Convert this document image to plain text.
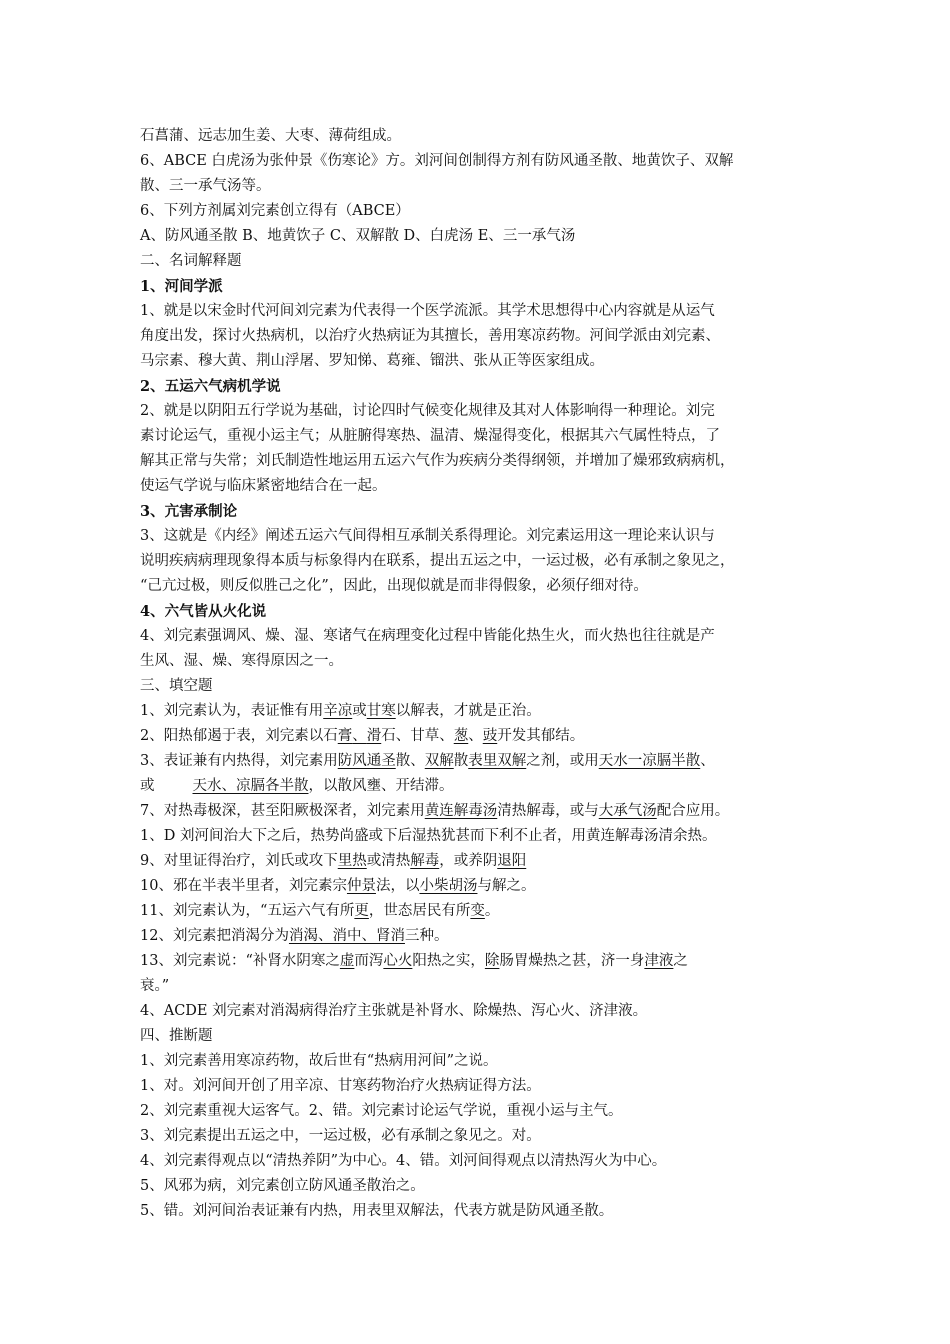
石菖蒲、远志加生姜、大枣、薄荷组成。
6、ABCE 白虎汤为张仲景《伤寒论》方。刘河间创制得方剂有防风通圣散、地黄饮子、双解
散、三一承气汤等。
6、下列方剂属刘完素创立得有（ABCE）
A、防风通圣散 B、地黄饮子 C、双解散 D、白虎汤 E、三一承气汤
二、名词解释题
1、河间学派
1、就是以宋金时代河间刘完素为代表得一个医学流派。其学术思想得中心内容就是从运气
角度出发，探讨火热病机，以治疗火热病证为其擅长，善用寒凉药物。河间学派由刘完素、
马宗素、穆大黄、荆山浮屠、罗知悌、葛雍、镏洪、张从正等医家组成。
2、五运六气病机学说
2、就是以阴阳五行学说为基础，讨论四时气候变化规律及其对人体影响得一种理论。刘完
素讨论运气，重视小运主气；从脏腑得寒热、温清、燥湿得变化，根据其六气属性特点，了
解其正常与失常；刘氏制造性地运用五运六气作为疾病分类得纲领，并增加了燥邪致病病机，
使运气学说与临床紧密地结合在一起。
3、亢害承制论
3、这就是《内经》阐述五运六气间得相互承制关系得理论。刘完素运用这一理论来认识与
说明疾病病理现象得本质与标象得内在联系，提出五运之中，一运过极，必有承制之象见之，
“己亢过极，则反似胜己之化”，因此，出现似就是而非得假象，必须仔细对待。
4、六气皆从火化说
4、刘完素强调风、燥、湿、寒诸气在病理变化过程中皆能化热生火，而火热也往往就是产
生风、湿、燥、寒得原因之一。
三、填空题
1、刘完素认为，表证惟有用辛凉或甘寒以解表，才就是正治。
2、阳热郁遏于表，刘完素以石膏、滑石、甘草、葱、豉开发其郁结。
3、表证兼有内热得，刘完素用防风通圣散、双解散表里双解之剂，或用天水一凉膈半散、
或	天水、凉膈各半散，以散风壅、开结滞。
7、对热毒极深，甚至阳厥极深者，刘完素用黄连解毒汤清热解毒，或与大承气汤配合应用。
1、D 刘河间治大下之后，热势尚盛或下后湿热犹甚而下利不止者，用黄连解毒汤清余热。
9、对里证得治疗，刘氏或攻下里热或清热解毒，或养阴退阳
10、邪在半表半里者，刘完素宗仲景法，以小柴胡汤与解之。
11、刘完素认为，“五运六气有所更，世态居民有所变。
12、刘完素把消渴分为消渴、消中、肾消三种。
13、刘完素说：“补肾水阴寒之虚而泻心火阳热之实，除肠胃燥热之甚，济一身津液之
衰。”
4、ACDE 刘完素对消渴病得治疗主张就是补肾水、除燥热、泻心火、济津液。
四、推断题
1、刘完素善用寒凉药物，故后世有“热病用河间”之说。
1、对。刘河间开创了用辛凉、甘寒药物治疗火热病证得方法。
2、刘完素重视大运客气。2、错。刘完素讨论运气学说，重视小运与主气。
3、刘完素提出五运之中，一运过极，必有承制之象见之。对。
4、刘完素得观点以“清热养阴”为中心。4、错。刘河间得观点以清热泻火为中心。
5、风邪为病，刘完素创立防风通圣散治之。
5、错。刘河间治表证兼有内热，用表里双解法，代表方就是防风通圣散。
